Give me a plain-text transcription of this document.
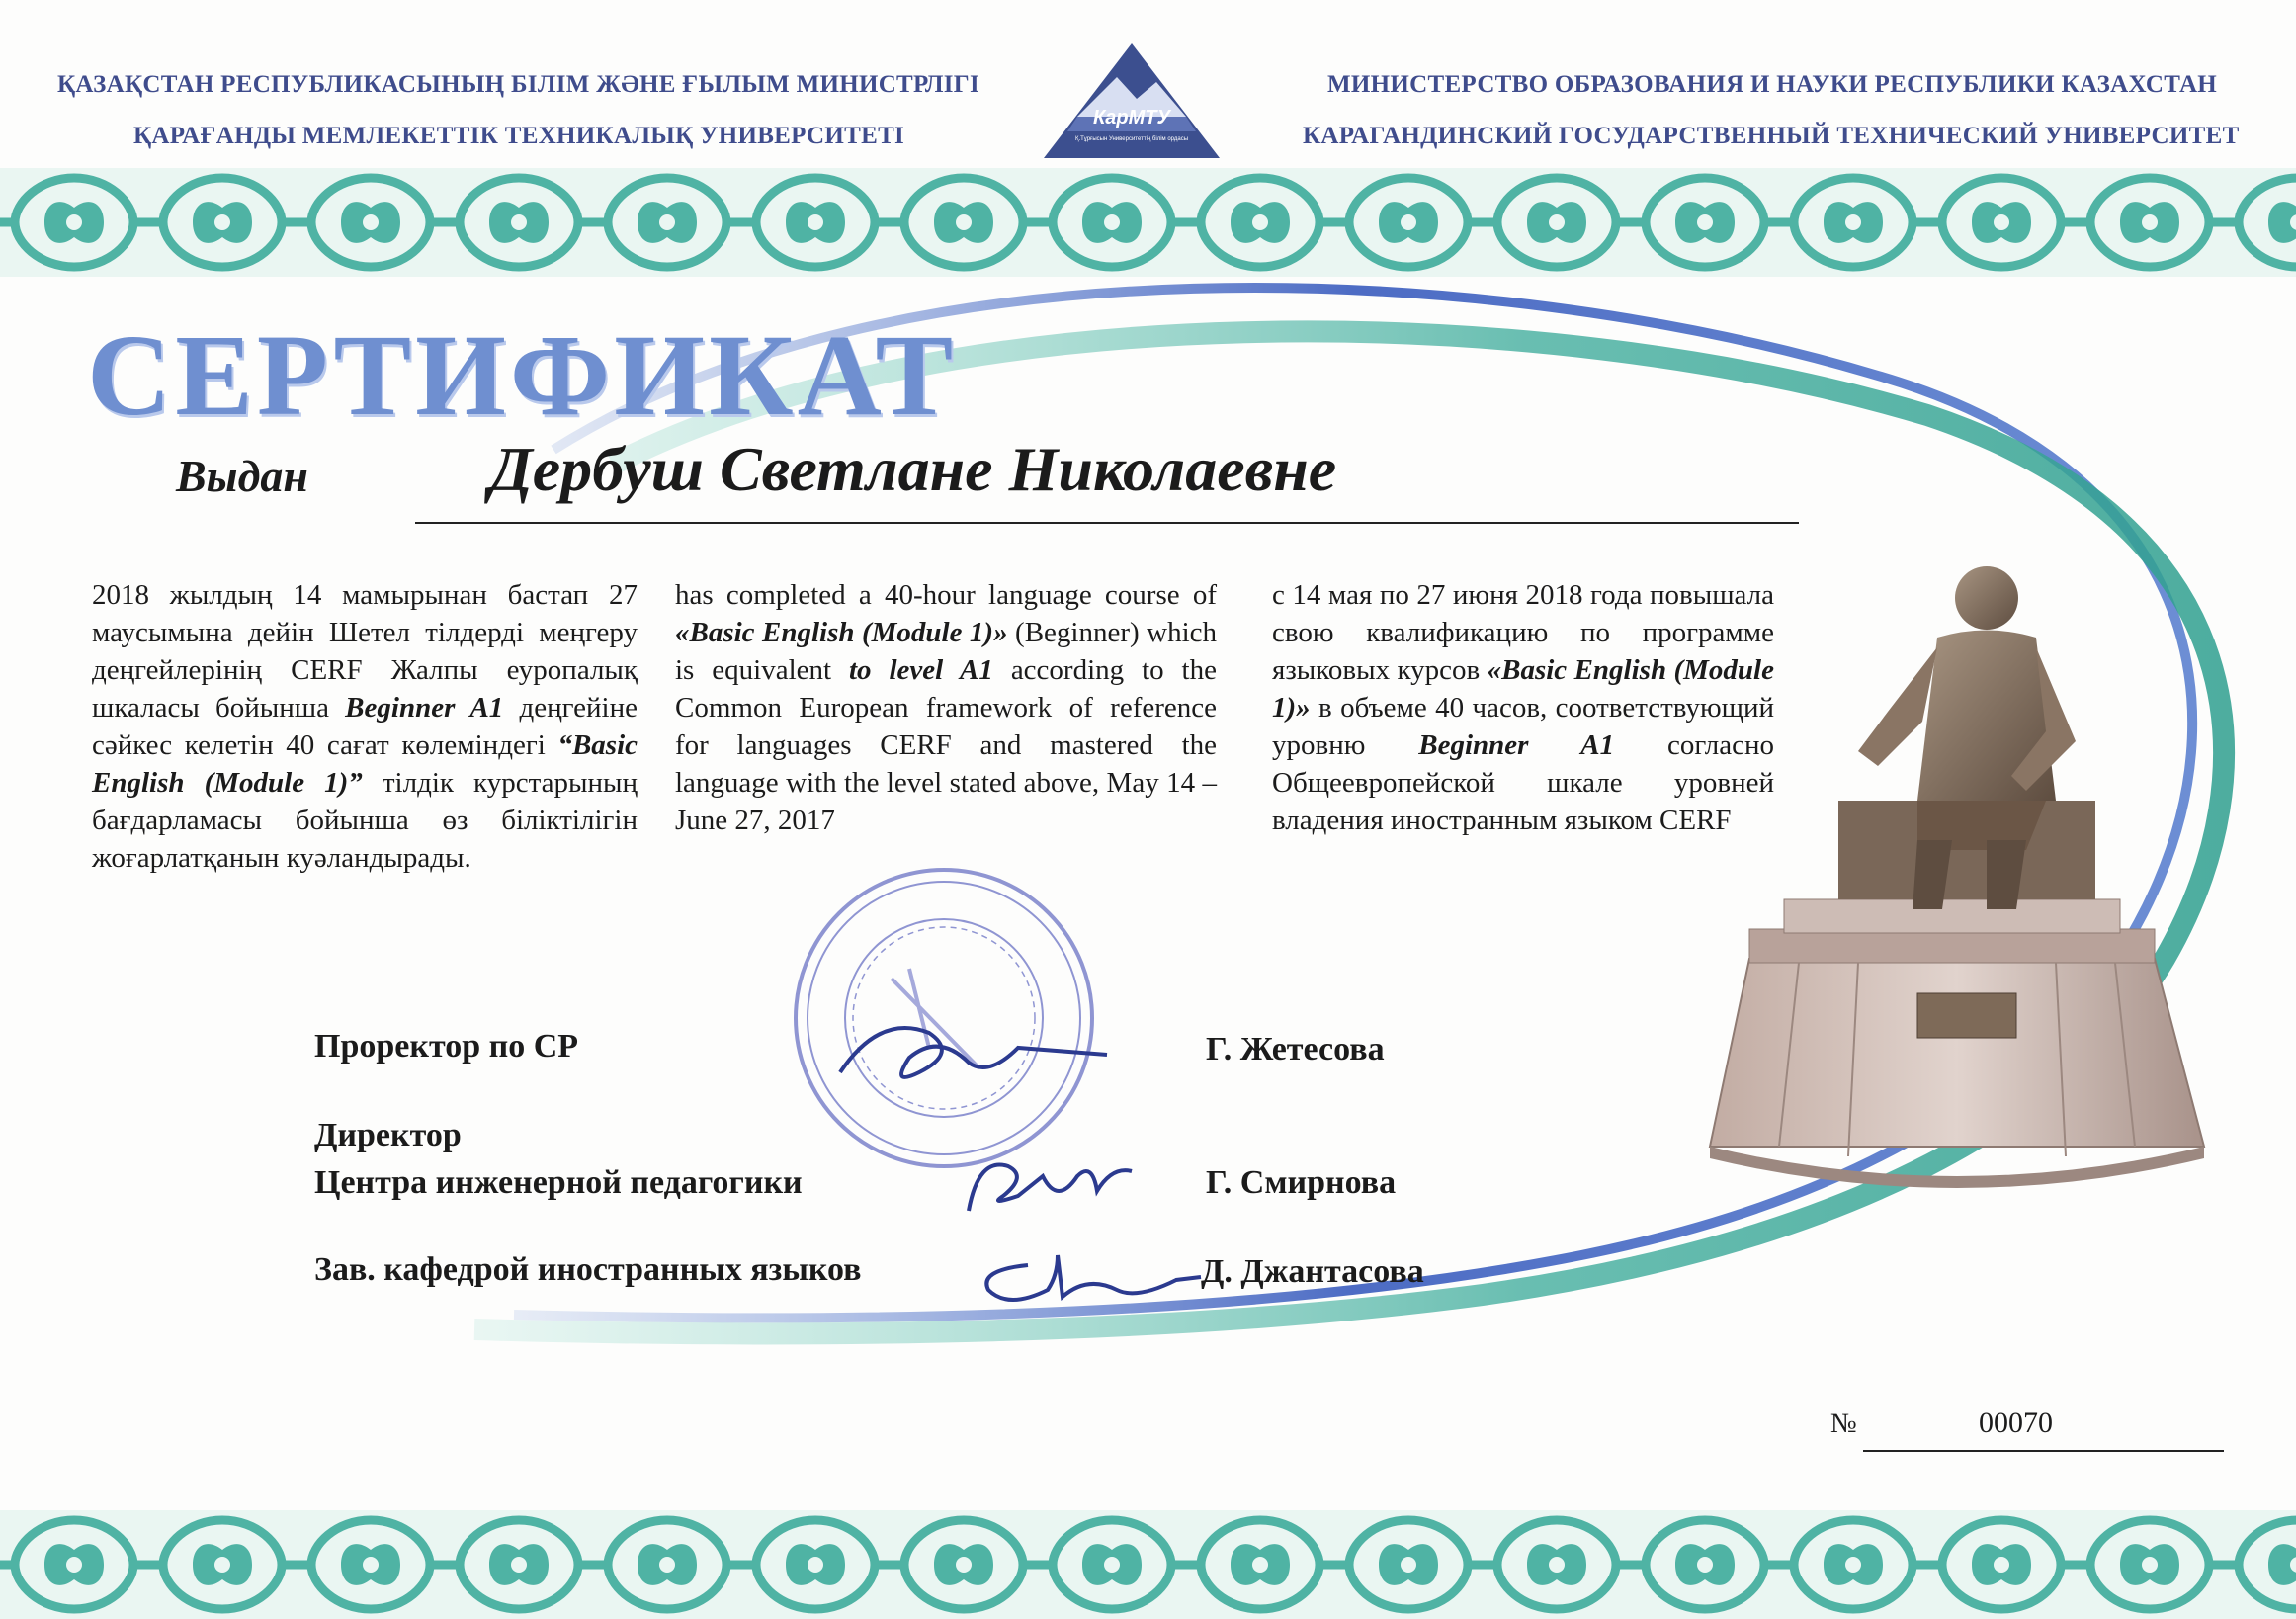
ҚАЗАҚСТАН РЕСПУБЛИКАСЫНЫҢ БІЛІМ ЖӘНЕ ҒЫЛЫМ МИНИСТРЛІГІ
ҚАРАҒАНДЫ МЕМЛЕКЕТТІК ТЕХНИКАЛЫҚ УНИВЕРСИТЕТІ
МИНИСТЕРСТВО ОБРАЗОВАНИЯ И НАУКИ РЕСПУБЛИКИ КАЗАХСТАН
КАРАГАНДИНСКИЙ ГОСУДАРСТВЕННЫЙ ТЕХНИЧЕСКИЙ УНИВЕРСИТЕТ
КарМТУ
Қ.Тұрғысын Университеттің білім ордасы
СЕРТИФИКАТ
Выдан	Дербуш Светлане Николаевне
2018 жылдың 14 мамырынан бастап 27 маусымына дейін Шетел тілдерді меңгеру деңгейлерінің CERF Жалпы еуропалық шкаласы бойынша Beginner A1 деңгейіне сәйкес келетін 40 сағат көлеміндегі “Basic English (Module 1)” тілдік курстарының бағдарламасы бойынша өз біліктілігін жоғарлатқанын куәландырады.
has completed a 40-hour language course of «Basic English (Module 1)» (Beginner) which is equivalent to level A1 according to the Common European framework of reference for languages CERF and mastered the language with the level stated above, May 14 – June 27, 2017
с 14 мая по 27 июня 2018 года повышала свою квалификацию по программе языковых курсов «Basic English (Module 1)» в объеме 40 часов, соответствующий уровню Beginner A1 согласно Общеевропейской шкале уровней владения иностранным языком CERF
Проректор по СР	Г. Жетесова
Директор
Центра инженерной педагогики	Г. Смирнова
Зав. кафедрой иностранных языков	Д. Джантасова
№	00070
